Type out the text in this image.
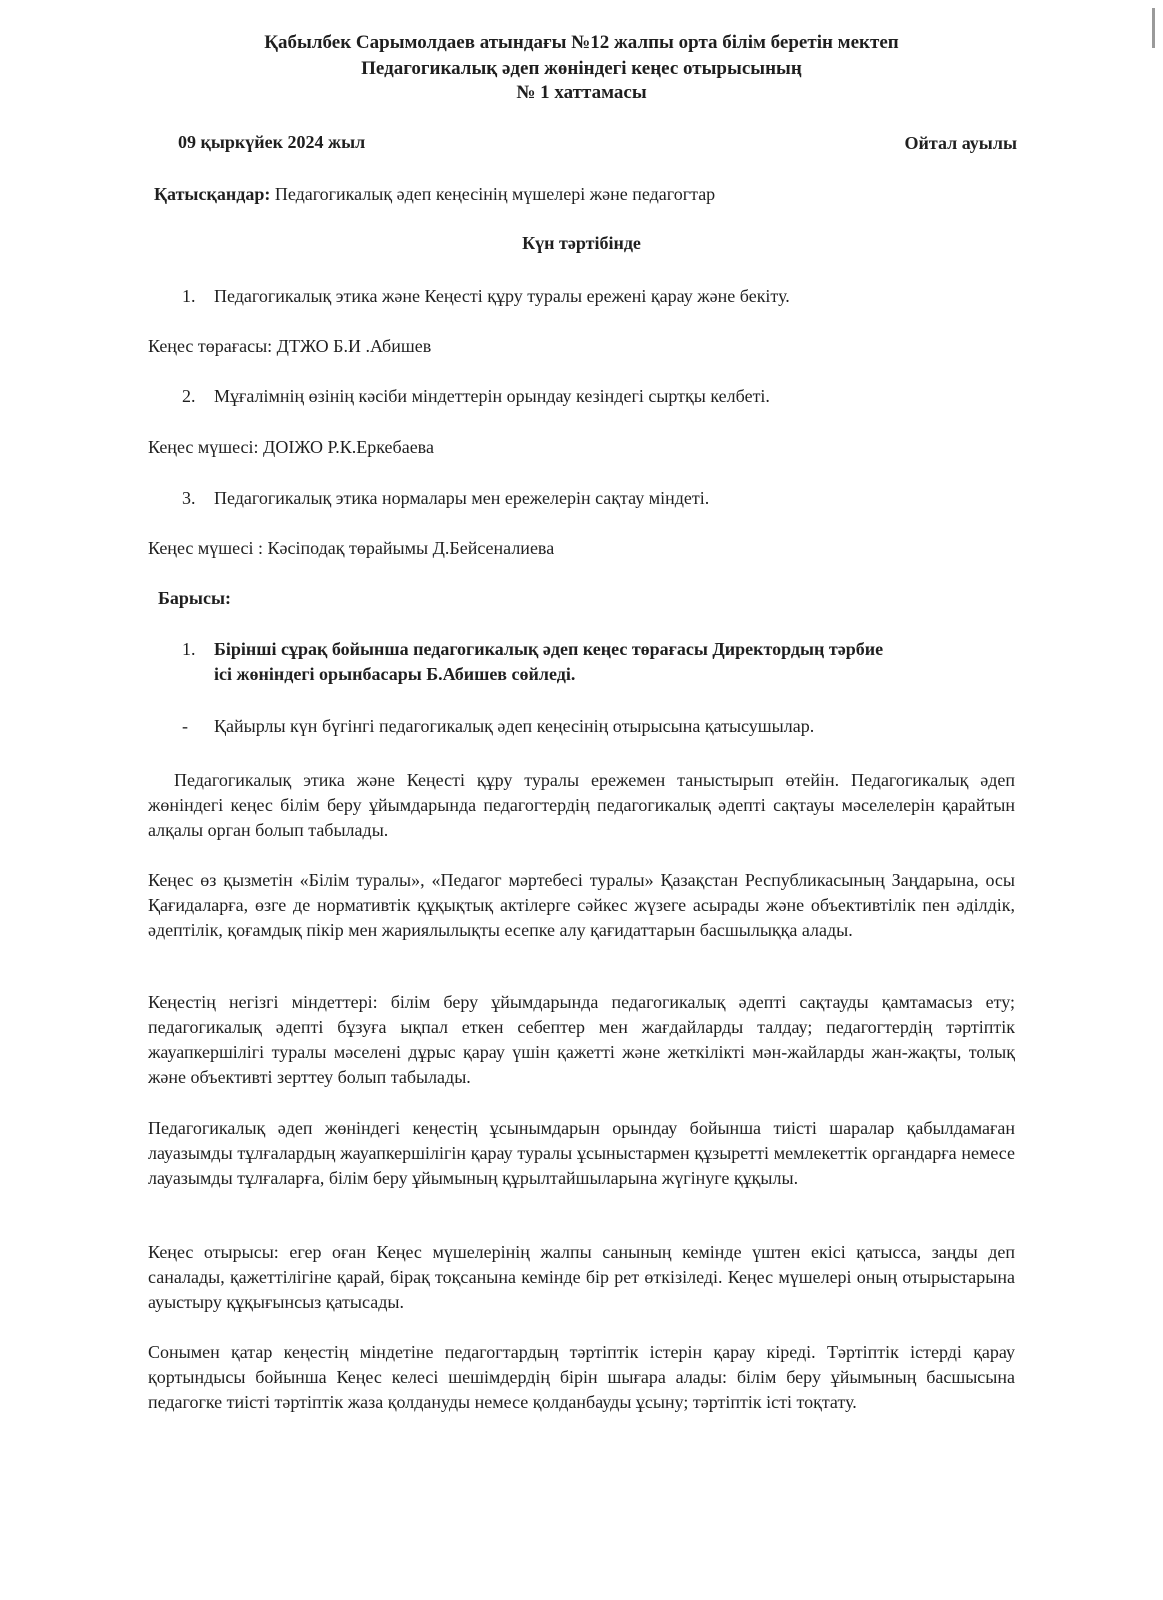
Қабылбек Сарымолдаев атындағы №12 жалпы орта білім беретін мектеп
Педагогикалық әдеп жөніндегі кеңес отырысының
№ 1 хаттамасы
09 қыркүйек 2024 жыл	Ойтал ауылы
Қатысқандар: Педагогикалық әдеп кеңесінің мүшелері және педагогтар
Күн тәртібінде
1. Педагогикалық этика және Кеңесті құру туралы ережені қарау және бекіту.
Кеңес төрағасы: ДТЖО Б.И .Абишев
2. Мұғалімнің өзінің кәсіби міндеттерін орындау кезіндегі сыртқы келбеті.
Кеңес мүшесі: ДОІЖО Р.К.Еркебаева
3. Педагогикалық этика нормалары мен ережелерін сақтау міндеті.
Кеңес мүшесі : Кәсіподақ төрайымы Д.Бейсеналиева
Барысы:
1. Бірінші сұрақ бойынша педагогикалық әдеп кеңес төрағасы Директордың тәрбие
ісі жөніндегі орынбасары Б.Абишев сөйледі.
- Қайырлы күн бүгінгі педагогикалық әдеп кеңесінің отырысына қатысушылар.
Педагогикалық этика және Кеңесті құру туралы ережемен таныстырып өтейін. Педагогикалық әдеп жөніндегі кеңес білім беру ұйымдарында педагогтердің педагогикалық әдепті сақтауы мәселелерін қарайтын алқалы орган болып табылады.
Кеңес өз қызметін «Білім туралы», «Педагог мәртебесі туралы» Қазақстан Республикасының Заңдарына, осы Қағидаларға, өзге де нормативтік құқықтық актілерге сәйкес жүзеге асырады және объективтілік пен әділдік, әдептілік, қоғамдық пікір мен жариялылықты есепке алу қағидаттарын басшылыққа алады.
Кеңестің негізгі міндеттері: білім беру ұйымдарында педагогикалық әдепті сақтауды қамтамасыз ету; педагогикалық әдепті бұзуға ықпал еткен себептер мен жағдайларды талдау; педагогтердің тәртіптік жауапкершілігі туралы мәселені дұрыс қарау үшін қажетті және жеткілікті мән-жайларды жан-жақты, толық және объективті зерттеу болып табылады.
Педагогикалық әдеп жөніндегі кеңестің ұсынымдарын орындау бойынша тиісті шаралар қабылдамаған лауазымды тұлғалардың жауапкершілігін қарау туралы ұсыныстармен құзыретті мемлекеттік органдарға немесе лауазымды тұлғаларға, білім беру ұйымының құрылтайшыларына жүгінуге құқылы.
Кеңес отырысы: егер оған Кеңес мүшелерінің жалпы санының кемінде үштен екісі қатысса, заңды деп саналады, қажеттілігіне қарай, бірақ тоқсанына кемінде бір рет өткізіледі. Кеңес мүшелері оның отырыстарына ауыстыру құқығынсыз қатысады.
Сонымен қатар кеңестің міндетіне педагогтардың тәртіптік істерін қарау кіреді. Тәртіптік істерді қарау қортындысы бойынша Кеңес келесі шешімдердің бірін шығара алады: білім беру ұйымының басшысына педагогке тиісті тәртіптік жаза қолдануды немесе қолданбауды ұсыну; тәртіптік істі тоқтату.
